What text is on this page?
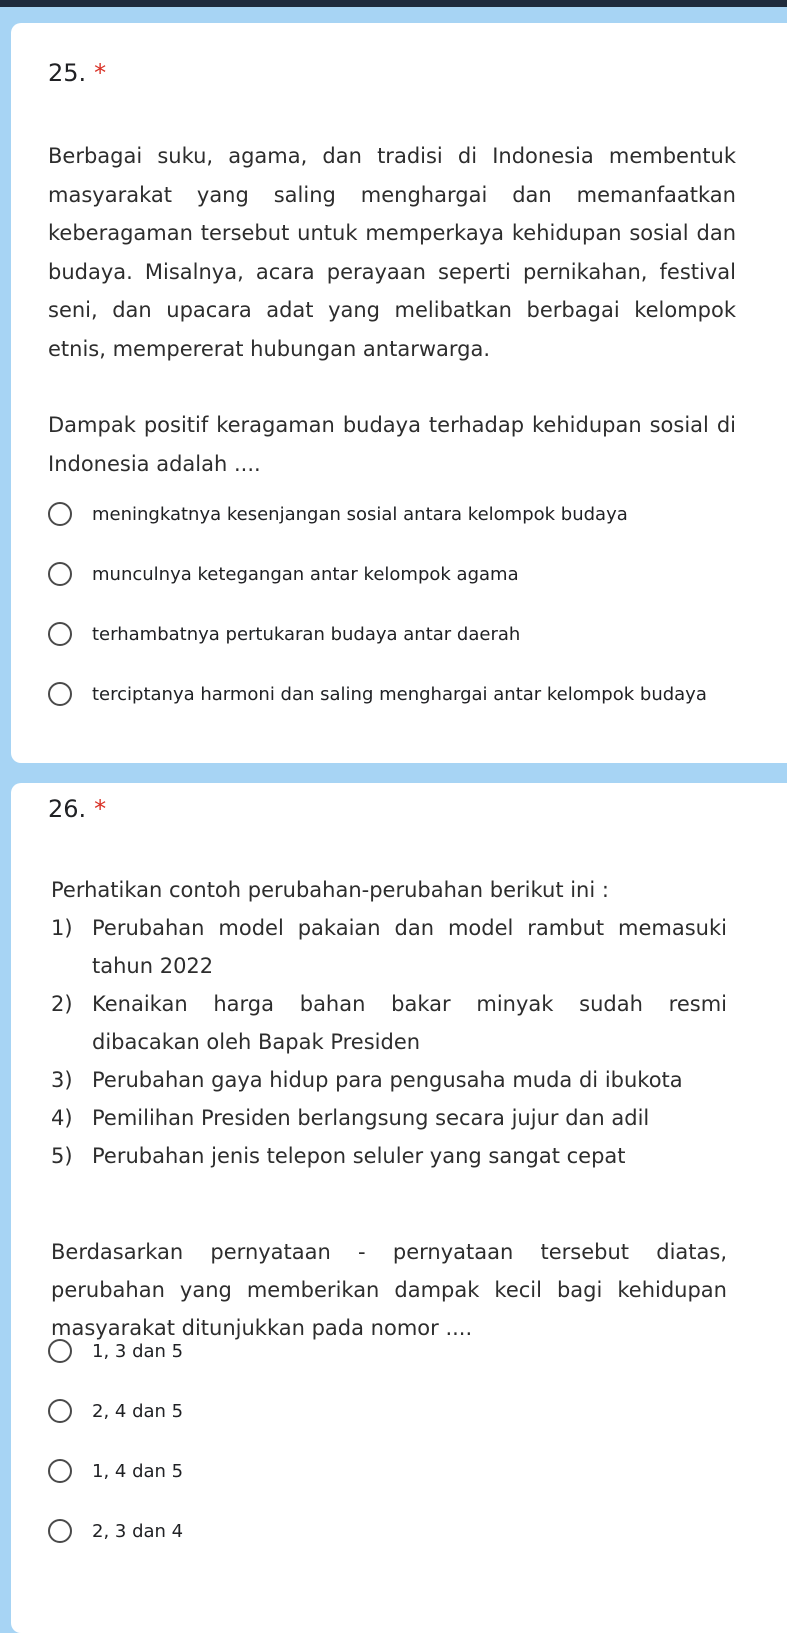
25. *

Berbagai suku, agama, dan tradisi di Indonesia membentuk masyarakat yang saling menghargai dan memanfaatkan keberagaman tersebut untuk memperkaya kehidupan sosial dan budaya. Misalnya, acara perayaan seperti pernikahan, festival seni, dan upacara adat yang melibatkan berbagai kelompok etnis, mempererat hubungan antarwarga.

Dampak positif keragaman budaya terhadap kehidupan sosial di Indonesia adalah ....

meningkatnya kesenjangan sosial antara kelompok budaya
munculnya ketegangan antar kelompok agama
terhambatnya pertukaran budaya antar daerah
terciptanya harmoni dan saling menghargai antar kelompok budaya
26. *

Perhatikan contoh perubahan-perubahan berikut ini :

1) Perubahan model pakaian dan model rambut memasuki tahun 2022
2) Kenaikan harga bahan bakar minyak sudah resmi dibacakan oleh Bapak Presiden
3) Perubahan gaya hidup para pengusaha muda di ibukota
4) Pemilihan Presiden berlangsung secara jujur dan adil
5) Perubahan jenis telepon seluler yang sangat cepat

Berdasarkan pernyataan - pernyataan tersebut diatas, perubahan yang memberikan dampak kecil bagi kehidupan masyarakat ditunjukkan pada nomor ....

1, 3 dan 5
2, 4 dan 5
1, 4 dan 5
2, 3 dan 4
